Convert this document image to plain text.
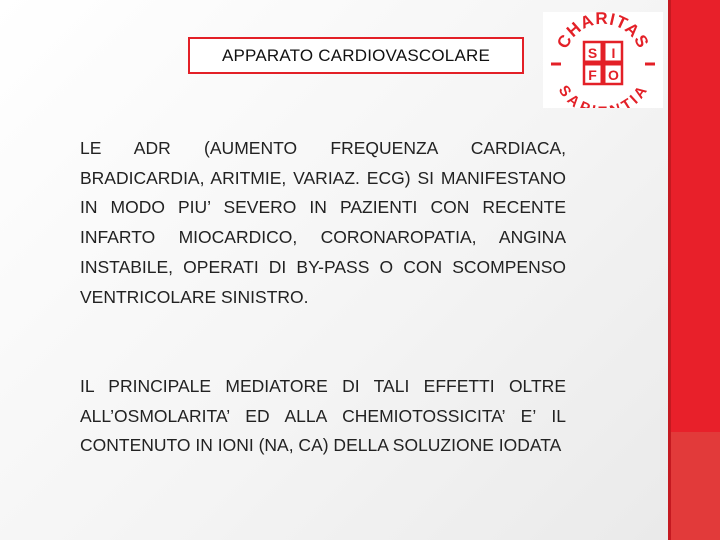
APPARATO CARDIOVASCOLARE
CHARITAS
SA TIA
S I
F O

LE ADR (AUMENTO FREQUENZA CARDIACA, BRADICARDIA, ARITMIE, VARIAZ. ECG) SI MANIFESTANO IN MODO PIU’ SEVERO IN PAZIENTI CON RECENTE INFARTO MIOCARDICO, CORONAROPATIA, ANGINA INSTABILE, OPERATI DI BY-PASS O CON SCOMPENSO VENTRICOLARE SINISTRO.

IL PRINCIPALE MEDIATORE DI TALI EFFETTI OLTRE ALL’OSMOLARITA’ ED ALLA CHEMIOTOSSICITA’ E’ IL CONTENUTO IN IONI (NA, CA) DELLA SOLUZIONE IODATA
